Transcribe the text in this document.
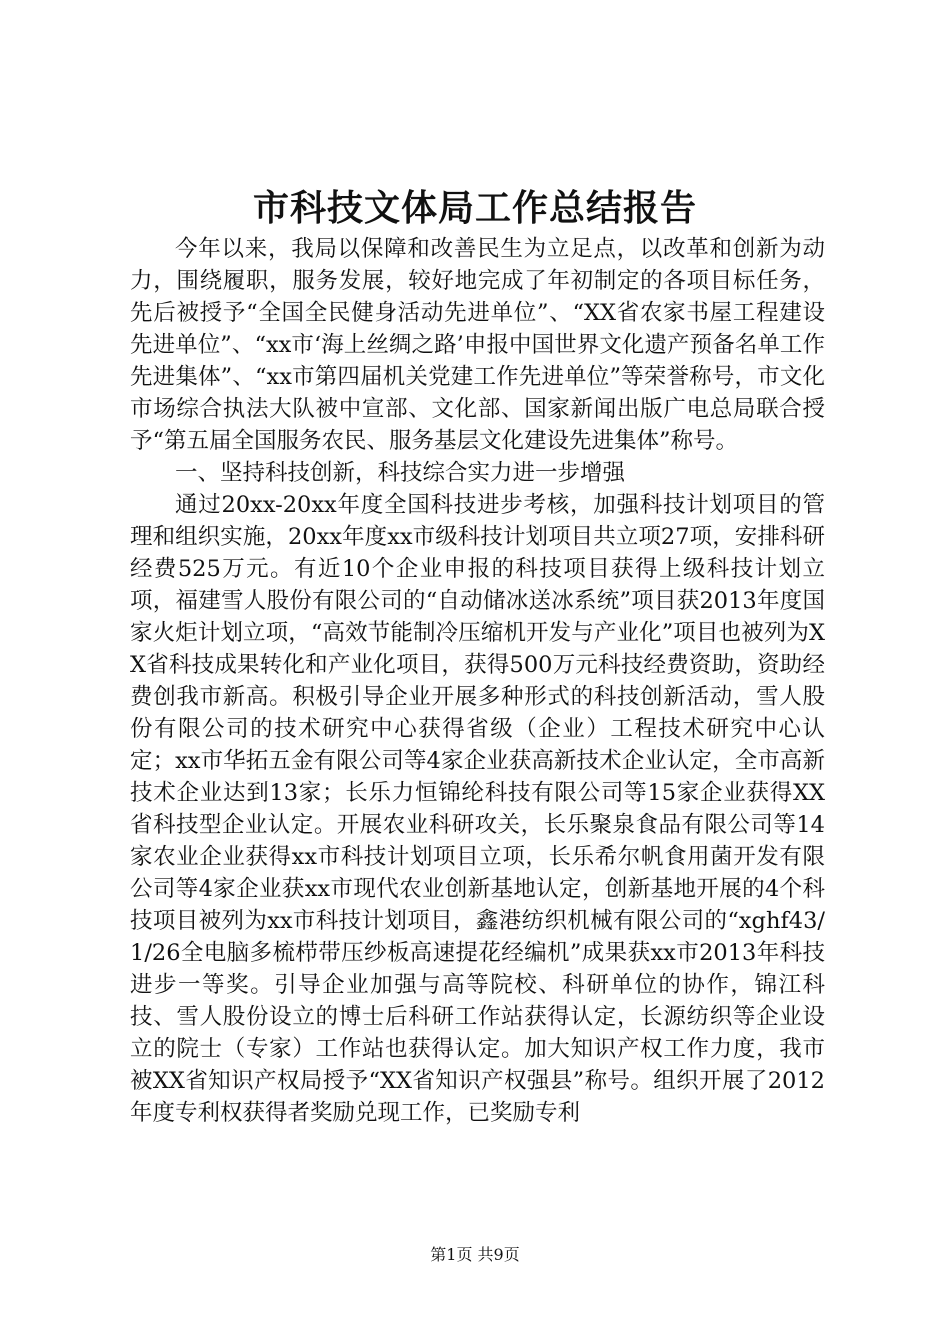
市科技文体局工作总结报告

今年以来，我局以保障和改善民生为立足点，以改革和创新为动力，围绕履职，服务发展，较好地完成了年初制定的各项目标任务，先后被授予“全国全民健身活动先进单位”、“XX省农家书屋工程建设先进单位”、“xx市‘海上丝绸之路’申报中国世界文化遗产预备名单工作先进集体”、“xx市第四届机关党建工作先进单位”等荣誉称号，市文化市场综合执法大队被中宣部、文化部、国家新闻出版广电总局联合授予“第五届全国服务农民、服务基层文化建设先进集体”称号。

一、坚持科技创新，科技综合实力进一步增强

通过20xx-20xx年度全国科技进步考核，加强科技计划项目的管理和组织实施，20xx年度xx市级科技计划项目共立项27项，安排科研经费525万元。有近10个企业申报的科技项目获得上级科技计划立项，福建雪人股份有限公司的“自动储冰送冰系统”项目获2013年度国家火炬计划立项，“高效节能制冷压缩机开发与产业化”项目也被列为XX省科技成果转化和产业化项目，获得500万元科技经费资助，资助经费创我市新高。积极引导企业开展多种形式的科技创新活动，雪人股份有限公司的技术研究中心获得省级（企业）工程技术研究中心认定；xx市华拓五金有限公司等4家企业获高新技术企业认定，全市高新技术企业达到13家；长乐力恒锦纶科技有限公司等15家企业获得XX省科技型企业认定。开展农业科研攻关，长乐聚泉食品有限公司等14家农业企业获得xx市科技计划项目立项，长乐希尔帆食用菌开发有限公司等4家企业获xx市现代农业创新基地认定，创新基地开展的4个科技项目被列为xx市科技计划项目，鑫港纺织机械有限公司的“xghf43/1/26全电脑多梳栉带压纱板高速提花经编机”成果获xx市2013年科技进步一等奖。引导企业加强与高等院校、科研单位的协作，锦江科技、雪人股份设立的博士后科研工作站获得认定，长源纺织等企业设立的院士（专家）工作站也获得认定。加大知识产权工作力度，我市被XX省知识产权局授予“XX省知识产权强县”称号。组织开展了2012年度专利权获得者奖励兑现工作，已奖励专利

第1页 共9页
